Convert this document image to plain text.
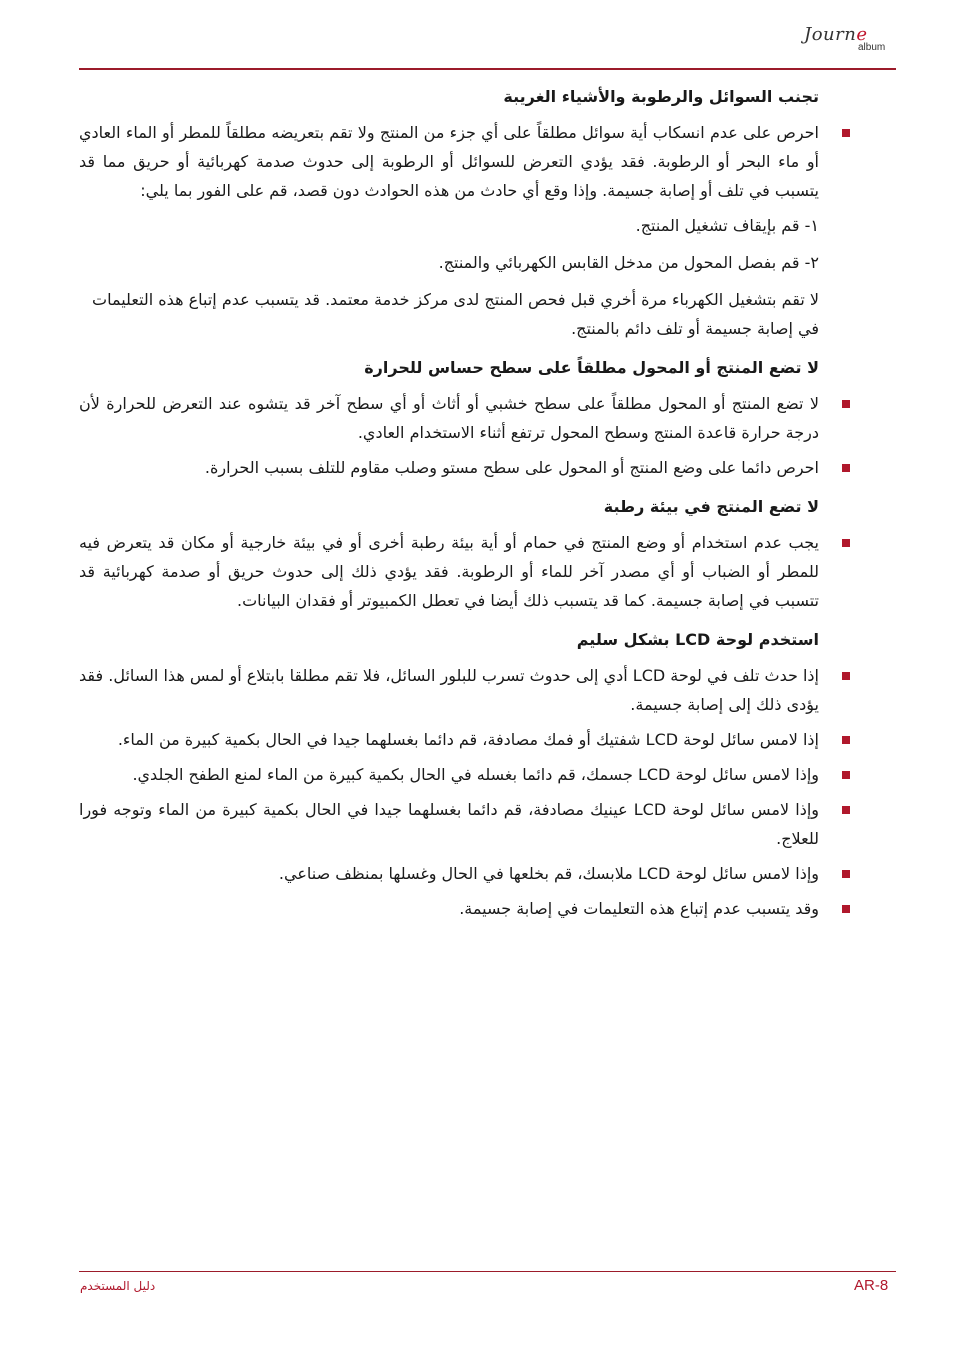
Journe
album
تجنب السوائل والرطوبة والأشياء الغريبة
احرص على عدم انسكاب أية سوائل مطلقاً على أي جزء من المنتج ولا تقم بتعريضه مطلقاً للمطر أو الماء العادي أو ماء البحر أو الرطوبة. فقد يؤدي التعرض للسوائل أو الرطوبة إلى حدوث صدمة كهربائية أو حريق مما قد يتسبب في تلف أو إصابة جسيمة. وإذا وقع أي حادث من هذه الحوادث دون قصد، قم على الفور بما يلي:

١- قم بإيقاف تشغيل المنتج.

٢- قم بفصل المحول من مدخل القابس الكهربائي والمنتج.

لا تقم بتشغيل الكهرباء مرة أخري قبل فحص المنتج لدى مركز خدمة معتمد. قد يتسبب عدم إتباع هذه التعليمات في إصابة جسيمة أو تلف دائم بالمنتج.

لا تضع المنتج أو المحول مطلقاً على سطح حساس للحرارة
لا تضع المنتج أو المحول مطلقاً على سطح خشبي أو أثاث أو أي سطح آخر قد يتشوه عند التعرض للحرارة لأن درجة حرارة قاعدة المنتج وسطح المحول ترتفع أثناء الاستخدام العادي.
احرص دائما على وضع المنتج أو المحول على سطح مستو وصلب مقاوم للتلف بسبب الحرارة.
لا تضع المنتج في بيئة رطبة
يجب عدم استخدام أو وضع المنتج في حمام أو أية بيئة رطبة أخرى أو في بيئة خارجية أو مكان قد يتعرض فيه للمطر أو الضباب أو أي مصدر آخر للماء أو الرطوبة. فقد يؤدي ذلك إلى حدوث حريق أو صدمة كهربائية قد تتسبب في إصابة جسيمة. كما قد يتسبب ذلك أيضا في تعطل الكمبيوتر أو فقدان البيانات.
استخدم لوحة LCD بشكل سليم
إذا حدث تلف في لوحة LCD أدي إلى حدوث تسرب للبلور السائل، فلا تقم مطلقا بابتلاع أو لمس هذا السائل. فقد يؤدى ذلك إلى إصابة جسيمة.
إذا لامس سائل لوحة LCD شفتيك أو فمك مصادفة، قم دائما بغسلهما جيدا في الحال بكمية كبيرة من الماء.
وإذا لامس سائل لوحة LCD جسمك، قم دائما بغسله في الحال بكمية كبيرة من الماء لمنع الطفح الجلدي.
وإذا لامس سائل لوحة LCD عينيك مصادفة، قم دائما بغسلهما جيدا في الحال بكمية كبيرة من الماء وتوجه فورا للعلاج.
وإذا لامس سائل لوحة LCD ملابسك، قم بخلعها في الحال وغسلها بمنظف صناعي.
وقد يتسبب عدم إتباع هذه التعليمات في إصابة جسيمة.
دليل المستخدم	AR-8
